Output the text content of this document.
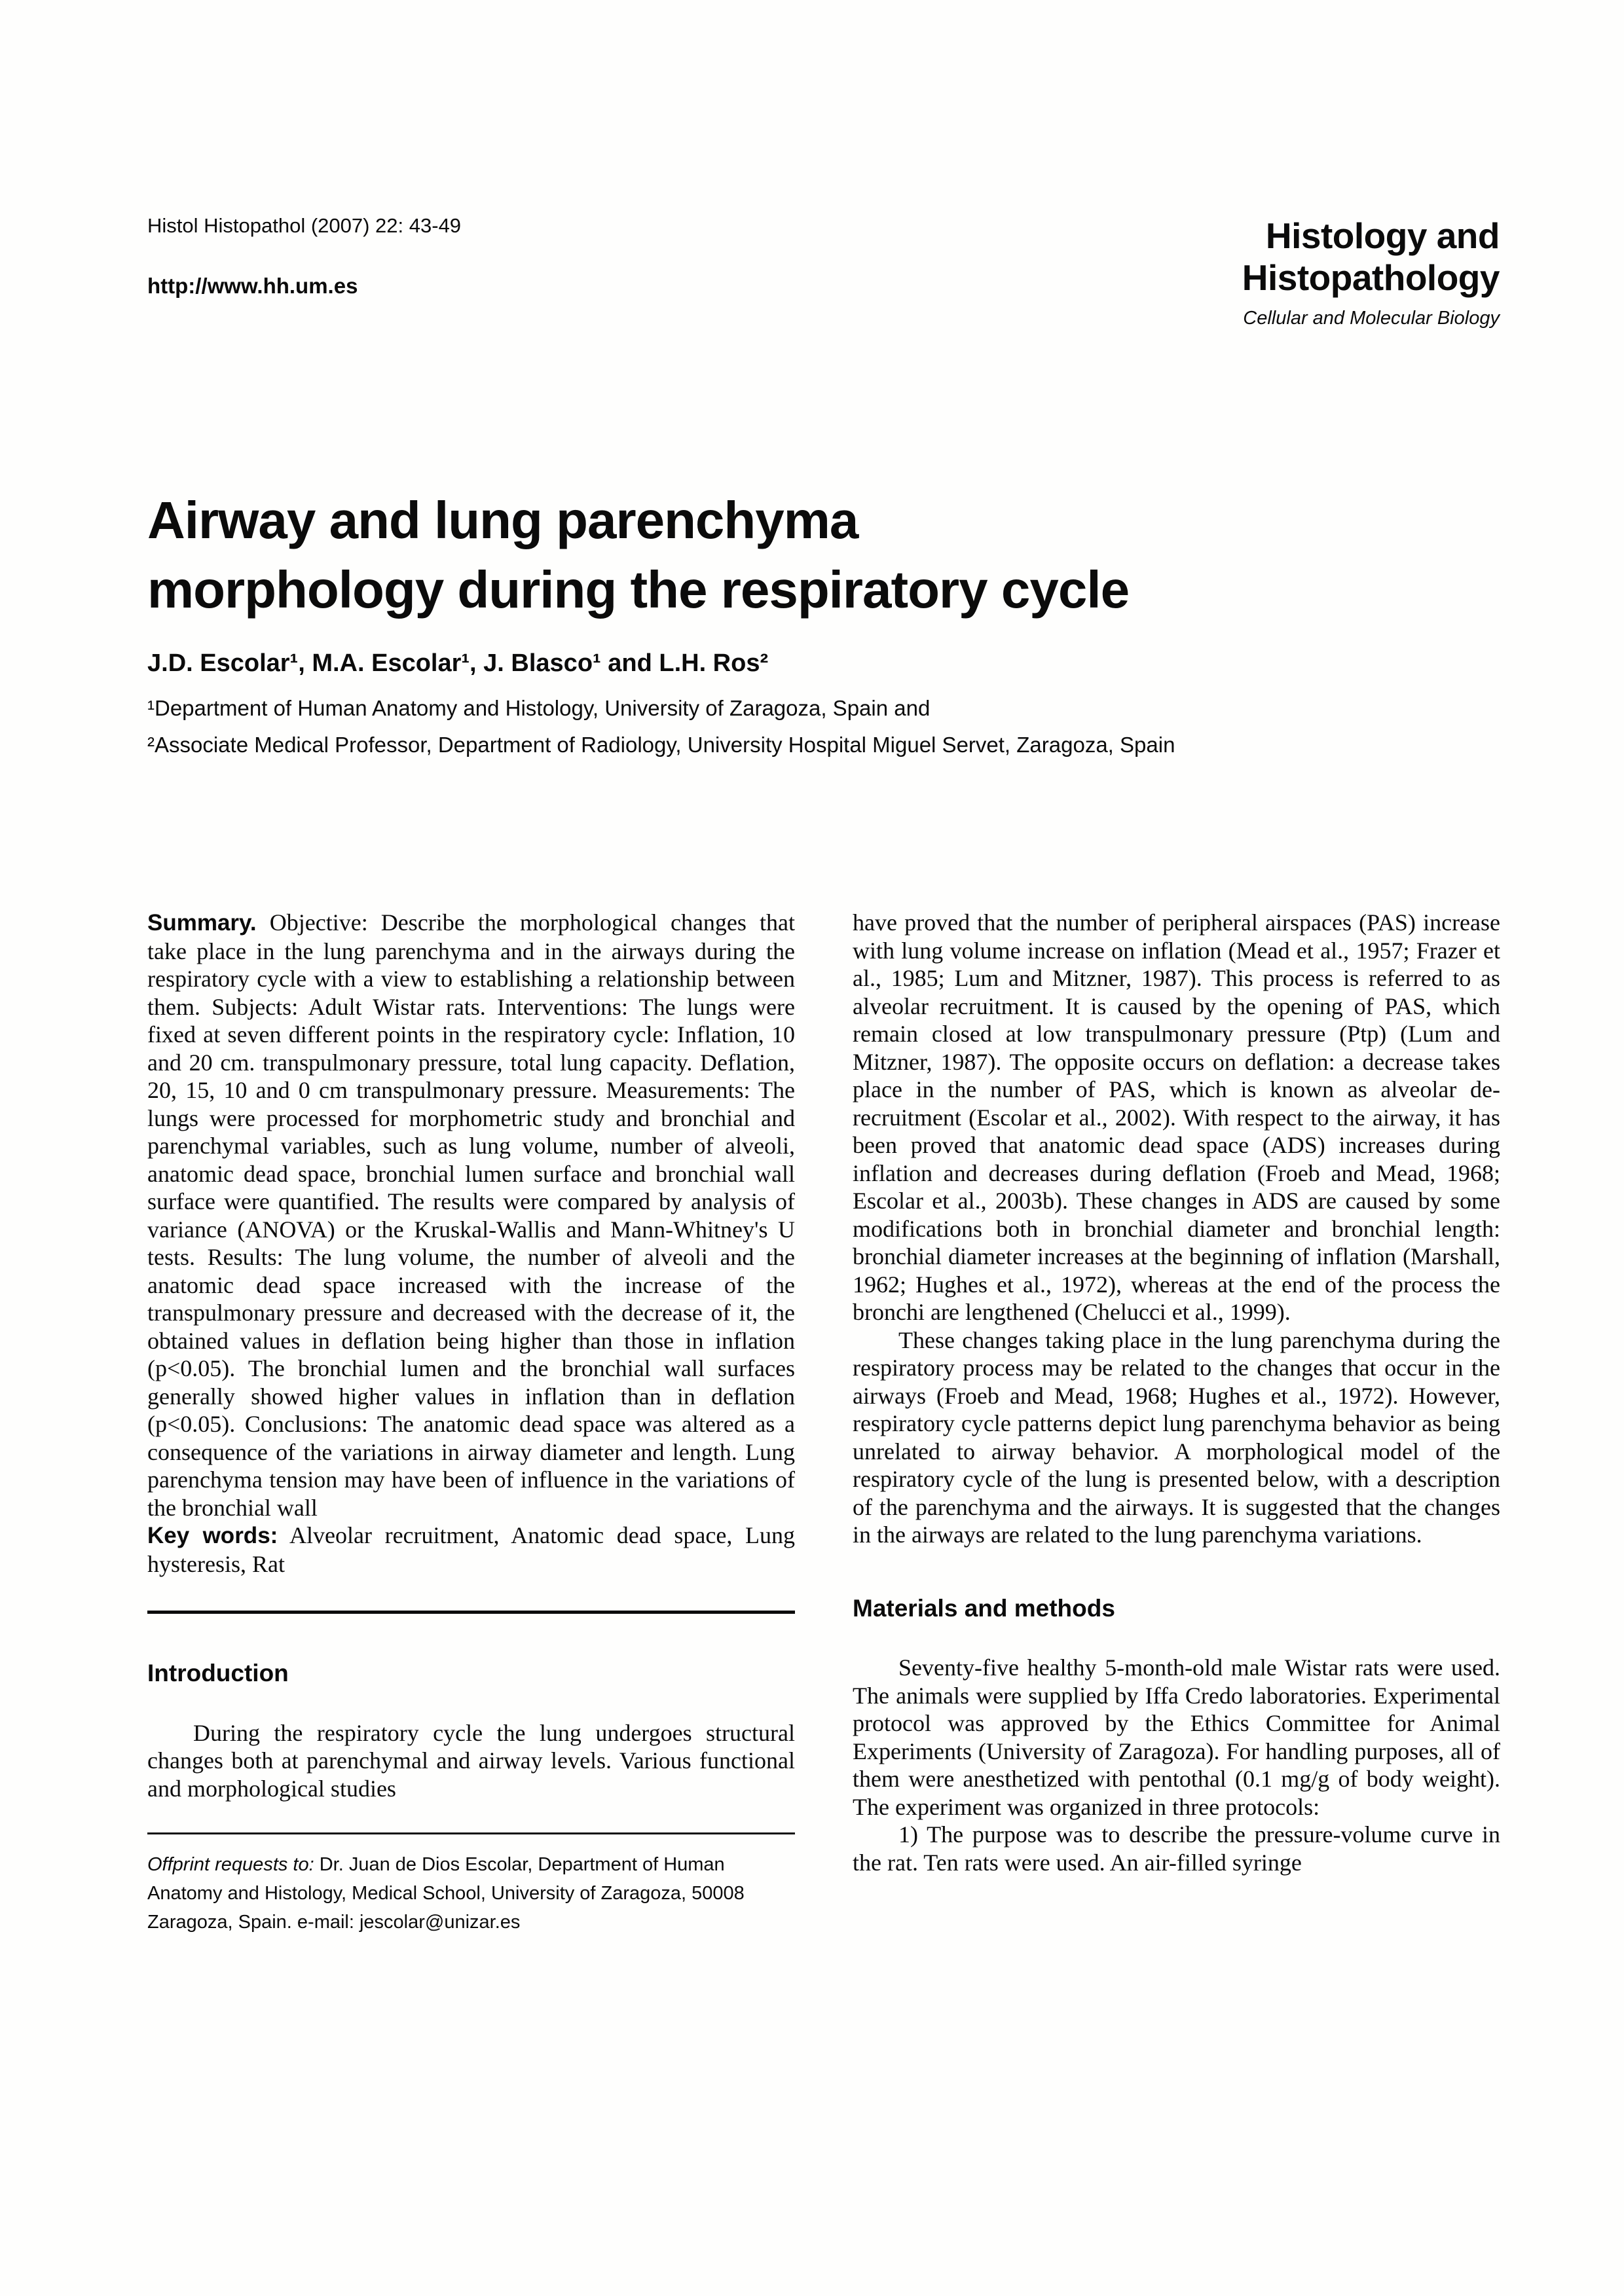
Histol Histopathol (2007) 22: 43-49
http://www.hh.um.es
Histology and
Histopathology
Cellular and Molecular Biology
Airway and lung parenchyma
morphology during the respiratory cycle
J.D. Escolar¹, M.A. Escolar¹, J. Blasco¹ and L.H. Ros²
¹Department of Human Anatomy and Histology, University of Zaragoza, Spain and
²Associate Medical Professor, Department of Radiology, University Hospital Miguel Servet, Zaragoza, Spain

Summary. Objective: Describe the morphological changes that take place in the lung parenchyma and in the airways during the respiratory cycle with a view to establishing a relationship between them. Subjects: Adult Wistar rats. Interventions: The lungs were fixed at seven different points in the respiratory cycle: Inflation, 10 and 20 cm. transpulmonary pressure, total lung capacity. Deflation, 20, 15, 10 and 0 cm transpulmonary pressure. Measurements: The lungs were processed for morphometric study and bronchial and parenchymal variables, such as lung volume, number of alveoli, anatomic dead space, bronchial lumen surface and bronchial wall surface were quantified. The results were compared by analysis of variance (ANOVA) or the Kruskal-Wallis and Mann-Whitney's U tests. Results: The lung volume, the number of alveoli and the anatomic dead space increased with the increase of the transpulmonary pressure and decreased with the decrease of it, the obtained values in deflation being higher than those in inflation (p<0.05). The bronchial lumen and the bronchial wall surfaces generally showed higher values in inflation than in deflation (p<0.05). Conclusions: The anatomic dead space was altered as a consequence of the variations in airway diameter and length. Lung parenchyma tension may have been of influence in the variations of the bronchial wall

Key words: Alveolar recruitment, Anatomic dead space, Lung hysteresis, Rat

Introduction

During the respiratory cycle the lung undergoes structural changes both at parenchymal and airway levels. Various functional and morphological studies

Offprint requests to: Dr. Juan de Dios Escolar, Department of Human Anatomy and Histology, Medical School, University of Zaragoza, 50008 Zaragoza, Spain. e-mail: jescolar@unizar.es

have proved that the number of peripheral airspaces (PAS) increase with lung volume increase on inflation (Mead et al., 1957; Frazer et al., 1985; Lum and Mitzner, 1987). This process is referred to as alveolar recruitment. It is caused by the opening of PAS, which remain closed at low transpulmonary pressure (Ptp) (Lum and Mitzner, 1987). The opposite occurs on deflation: a decrease takes place in the number of PAS, which is known as alveolar de-recruitment (Escolar et al., 2002). With respect to the airway, it has been proved that anatomic dead space (ADS) increases during inflation and decreases during deflation (Froeb and Mead, 1968; Escolar et al., 2003b). These changes in ADS are caused by some modifications both in bronchial diameter and bronchial length: bronchial diameter increases at the beginning of inflation (Marshall, 1962; Hughes et al., 1972), whereas at the end of the process the bronchi are lengthened (Chelucci et al., 1999).

These changes taking place in the lung parenchyma during the respiratory process may be related to the changes that occur in the airways (Froeb and Mead, 1968; Hughes et al., 1972). However, respiratory cycle patterns depict lung parenchyma behavior as being unrelated to airway behavior. A morphological model of the respiratory cycle of the lung is presented below, with a description of the parenchyma and the airways. It is suggested that the changes in the airways are related to the lung parenchyma variations.

Materials and methods

Seventy-five healthy 5-month-old male Wistar rats were used. The animals were supplied by Iffa Credo laboratories. Experimental protocol was approved by the Ethics Committee for Animal Experiments (University of Zaragoza). For handling purposes, all of them were anesthetized with pentothal (0.1 mg/g of body weight). The experiment was organized in three protocols:

1) The purpose was to describe the pressure-volume curve in the rat. Ten rats were used. An air-filled syringe
